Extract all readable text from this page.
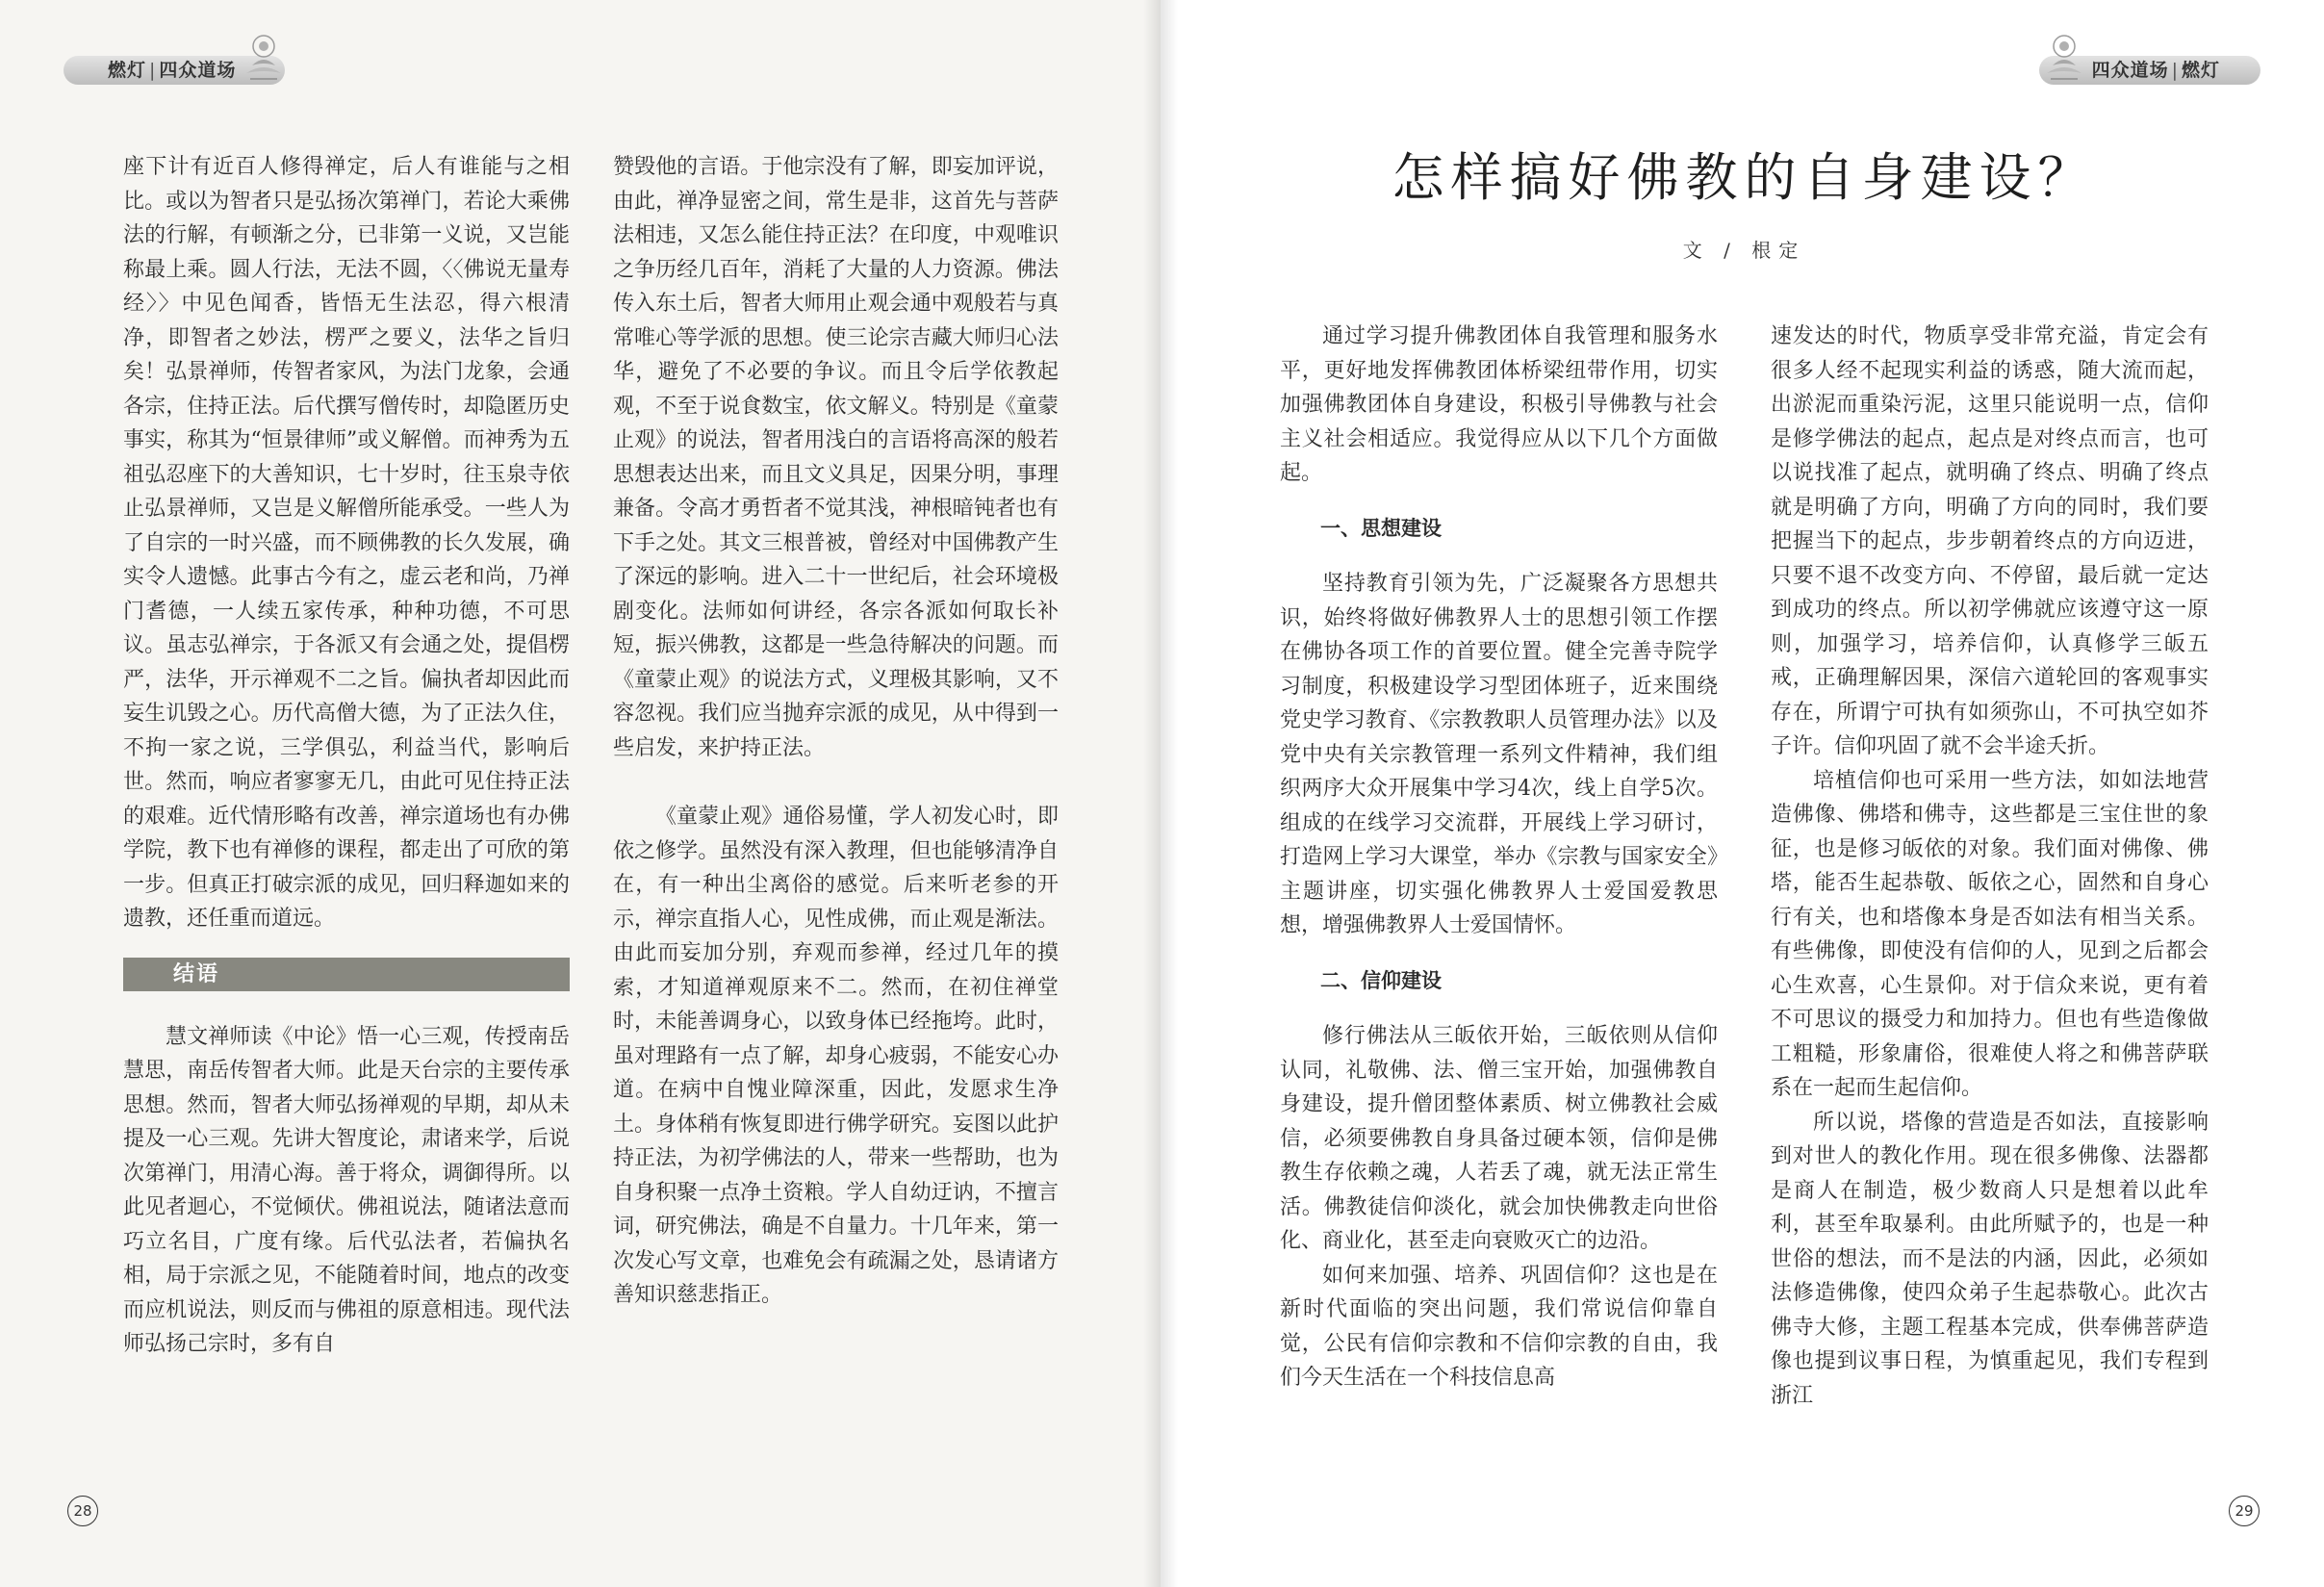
燃灯 | 四众道场	四众道场 | 燃灯

座下计有近百人修得禅定，后人有谁能与之相比。或以为智者只是弘扬次第禅门，若论大乘佛法的行解，有顿渐之分，已非第一义说，又岂能称最上乘。圆人行法，无法不圆，〈〈佛说无量寿经〉〉中见色闻香，皆悟无生法忍，得六根清净，即智者之妙法，楞严之要义，法华之旨归矣！弘景禅师，传智者家风，为法门龙象，会通各宗，住持正法。后代撰写僧传时，却隐匿历史事实，称其为“恒景律师”或义解僧。而神秀为五祖弘忍座下的大善知识，七十岁时，往玉泉寺依止弘景禅师，又岂是义解僧所能承受。一些人为了自宗的一时兴盛，而不顾佛教的长久发展，确实令人遗憾。此事古今有之，虚云老和尚，乃禅门耆德，一人续五家传承，种种功德，不可思议。虽志弘禅宗，于各派又有会通之处，提倡楞严，法华，开示禅观不二之旨。偏执者却因此而妄生讥毁之心。历代高僧大德，为了正法久住，不拘一家之说，三学俱弘，利益当代，影响后世。然而，响应者寥寥无几，由此可见住持正法的艰难。近代情形略有改善，禅宗道场也有办佛学院，教下也有禅修的课程，都走出了可欣的第一步。但真正打破宗派的成见，回归释迦如来的遗教，还任重而道远。

结语

慧文禅师读《中论》悟一心三观，传授南岳慧思，南岳传智者大师。此是天台宗的主要传承思想。然而，智者大师弘扬禅观的早期，却从未提及一心三观。先讲大智度论，肃诸来学，后说次第禅门，用清心海。善于将众，调御得所。以此见者迴心，不觉倾伏。佛祖说法，随诸法意而巧立名目，广度有缘。后代弘法者，若偏执名相，局于宗派之见，不能随着时间，地点的改变而应机说法，则反而与佛祖的原意相违。现代法师弘扬己宗时，多有自

赞毁他的言语。于他宗没有了解，即妄加评说，由此，禅净显密之间，常生是非，这首先与菩萨法相违，又怎么能住持正法？在印度，中观唯识之争历经几百年，消耗了大量的人力资源。佛法传入东土后，智者大师用止观会通中观般若与真常唯心等学派的思想。使三论宗吉藏大师归心法华，避免了不必要的争议。而且令后学依教起观，不至于说食数宝，依文解义。特别是《童蒙止观》的说法，智者用浅白的言语将高深的般若思想表达出来，而且文义具足，因果分明，事理兼备。令高才勇哲者不觉其浅，神根暗钝者也有下手之处。其文三根普被，曾经对中国佛教产生了深远的影响。进入二十一世纪后，社会环境极剧变化。法师如何讲经，各宗各派如何取长补短，振兴佛教，这都是一些急待解决的问题。而《童蒙止观》的说法方式，义理极其影响，又不容忽视。我们应当抛弃宗派的成见，从中得到一些启发，来护持正法。

《童蒙止观》通俗易懂，学人初发心时，即依之修学。虽然没有深入教理，但也能够清净自在，有一种出尘离俗的感觉。后来听老参的开示，禅宗直指人心，见性成佛，而止观是渐法。由此而妄加分别，弃观而参禅，经过几年的摸索，才知道禅观原来不二。然而，在初住禅堂时，未能善调身心，以致身体已经拖垮。此时，虽对理路有一点了解，却身心疲弱，不能安心办道。在病中自愧业障深重，因此，发愿求生净土。身体稍有恢复即进行佛学研究。妄图以此护持正法，为初学佛法的人，带来一些帮助，也为自身积聚一点净土资粮。学人自幼迂讷，不擅言词，研究佛法，确是不自量力。十几年来，第一次发心写文章，也难免会有疏漏之处，恳请诸方善知识慈悲指正。

怎样搞好佛教的自身建设？
文 / 根定

通过学习提升佛教团体自我管理和服务水平，更好地发挥佛教团体桥梁纽带作用，切实加强佛教团体自身建设，积极引导佛教与社会主义社会相适应。我觉得应从以下几个方面做起。

一、思想建设

坚持教育引领为先，广泛凝聚各方思想共识，始终将做好佛教界人士的思想引领工作摆在佛协各项工作的首要位置。健全完善寺院学习制度，积极建设学习型团体班子，近来围绕党史学习教育、《宗教教职人员管理办法》以及党中央有关宗教管理一系列文件精神，我们组织两序大众开展集中学习4次，线上自学5次。组成的在线学习交流群，开展线上学习研讨，打造网上学习大课堂，举办《宗教与国家安全》主题讲座，切实强化佛教界人士爱国爱教思想，增强佛教界人士爱国情怀。

二、信仰建设

修行佛法从三皈依开始，三皈依则从信仰认同，礼敬佛、法、僧三宝开始，加强佛教自身建设，提升僧团整体素质、树立佛教社会威信，必须要佛教自身具备过硬本领，信仰是佛教生存依赖之魂，人若丢了魂，就无法正常生活。佛教徒信仰淡化，就会加快佛教走向世俗化、商业化，甚至走向衰败灭亡的边沿。

如何来加强、培养、巩固信仰？这也是在新时代面临的突出问题，我们常说信仰靠自觉，公民有信仰宗教和不信仰宗教的自由，我们今天生活在一个科技信息高

速发达的时代，物质享受非常充溢，肯定会有很多人经不起现实利益的诱惑，随大流而起，出淤泥而重染污泥，这里只能说明一点，信仰是修学佛法的起点，起点是对终点而言，也可以说找准了起点，就明确了终点、明确了终点就是明确了方向，明确了方向的同时，我们要把握当下的起点，步步朝着终点的方向迈进，只要不退不改变方向、不停留，最后就一定达到成功的终点。所以初学佛就应该遵守这一原则，加强学习，培养信仰，认真修学三皈五戒，正确理解因果，深信六道轮回的客观事实存在，所谓宁可执有如须弥山，不可执空如芥子许。信仰巩固了就不会半途夭折。

培植信仰也可采用一些方法，如如法地营造佛像、佛塔和佛寺，这些都是三宝住世的象征，也是修习皈依的对象。我们面对佛像、佛塔，能否生起恭敬、皈依之心，固然和自身心行有关，也和塔像本身是否如法有相当关系。有些佛像，即使没有信仰的人，见到之后都会心生欢喜，心生景仰。对于信众来说，更有着不可思议的摄受力和加持力。但也有些造像做工粗糙，形象庸俗，很难使人将之和佛菩萨联系在一起而生起信仰。

所以说，塔像的营造是否如法，直接影响到对世人的教化作用。现在很多佛像、法器都是商人在制造，极少数商人只是想着以此牟利，甚至牟取暴利。由此所赋予的，也是一种世俗的想法，而不是法的内涵，因此，必须如法修造佛像，使四众弟子生起恭敬心。此次古佛寺大修，主题工程基本完成，供奉佛菩萨造像也提到议事日程，为慎重起见，我们专程到浙江

28	29
